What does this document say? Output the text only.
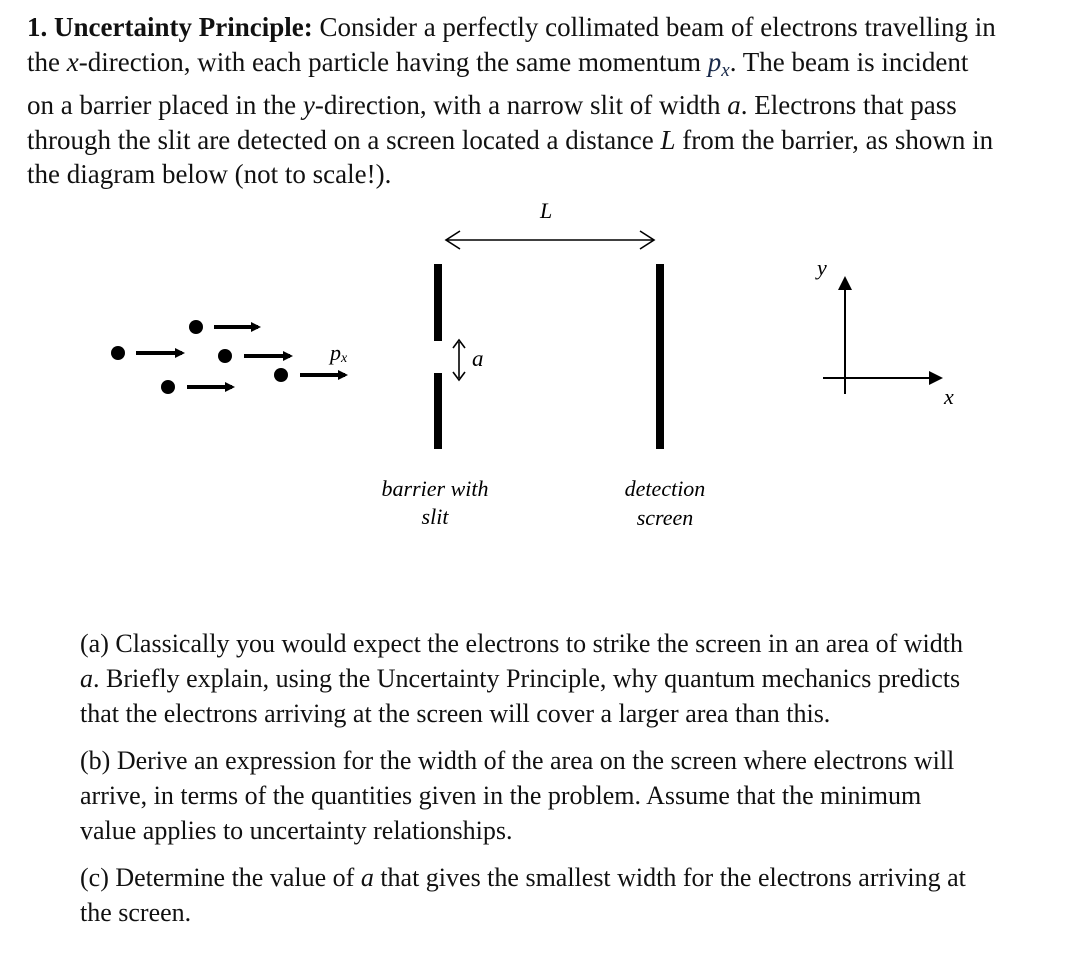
1. Uncertainty Principle: Consider a perfectly collimated beam of electrons travelling in
the x-direction, with each particle having the same momentum $p_x$. The beam is incident
on a barrier placed in the y-direction, with a narrow slit of width a. Electrons that pass
through the slit are detected on a screen located a distance L from the barrier, as shown in
the diagram below (not to scale!).
px
L
a
barrier with
slit
detection
screen
y
x
(a) Classically you would expect the electrons to strike the screen in an area of width
a. Briefly explain, using the Uncertainty Principle, why quantum mechanics predicts
that the electrons arriving at the screen will cover a larger area than this.
(b) Derive an expression for the width of the area on the screen where electrons will
arrive, in terms of the quantities given in the problem. Assume that the minimum
value applies to uncertainty relationships.
(c) Determine the value of a that gives the smallest width for the electrons arriving at
the screen.
